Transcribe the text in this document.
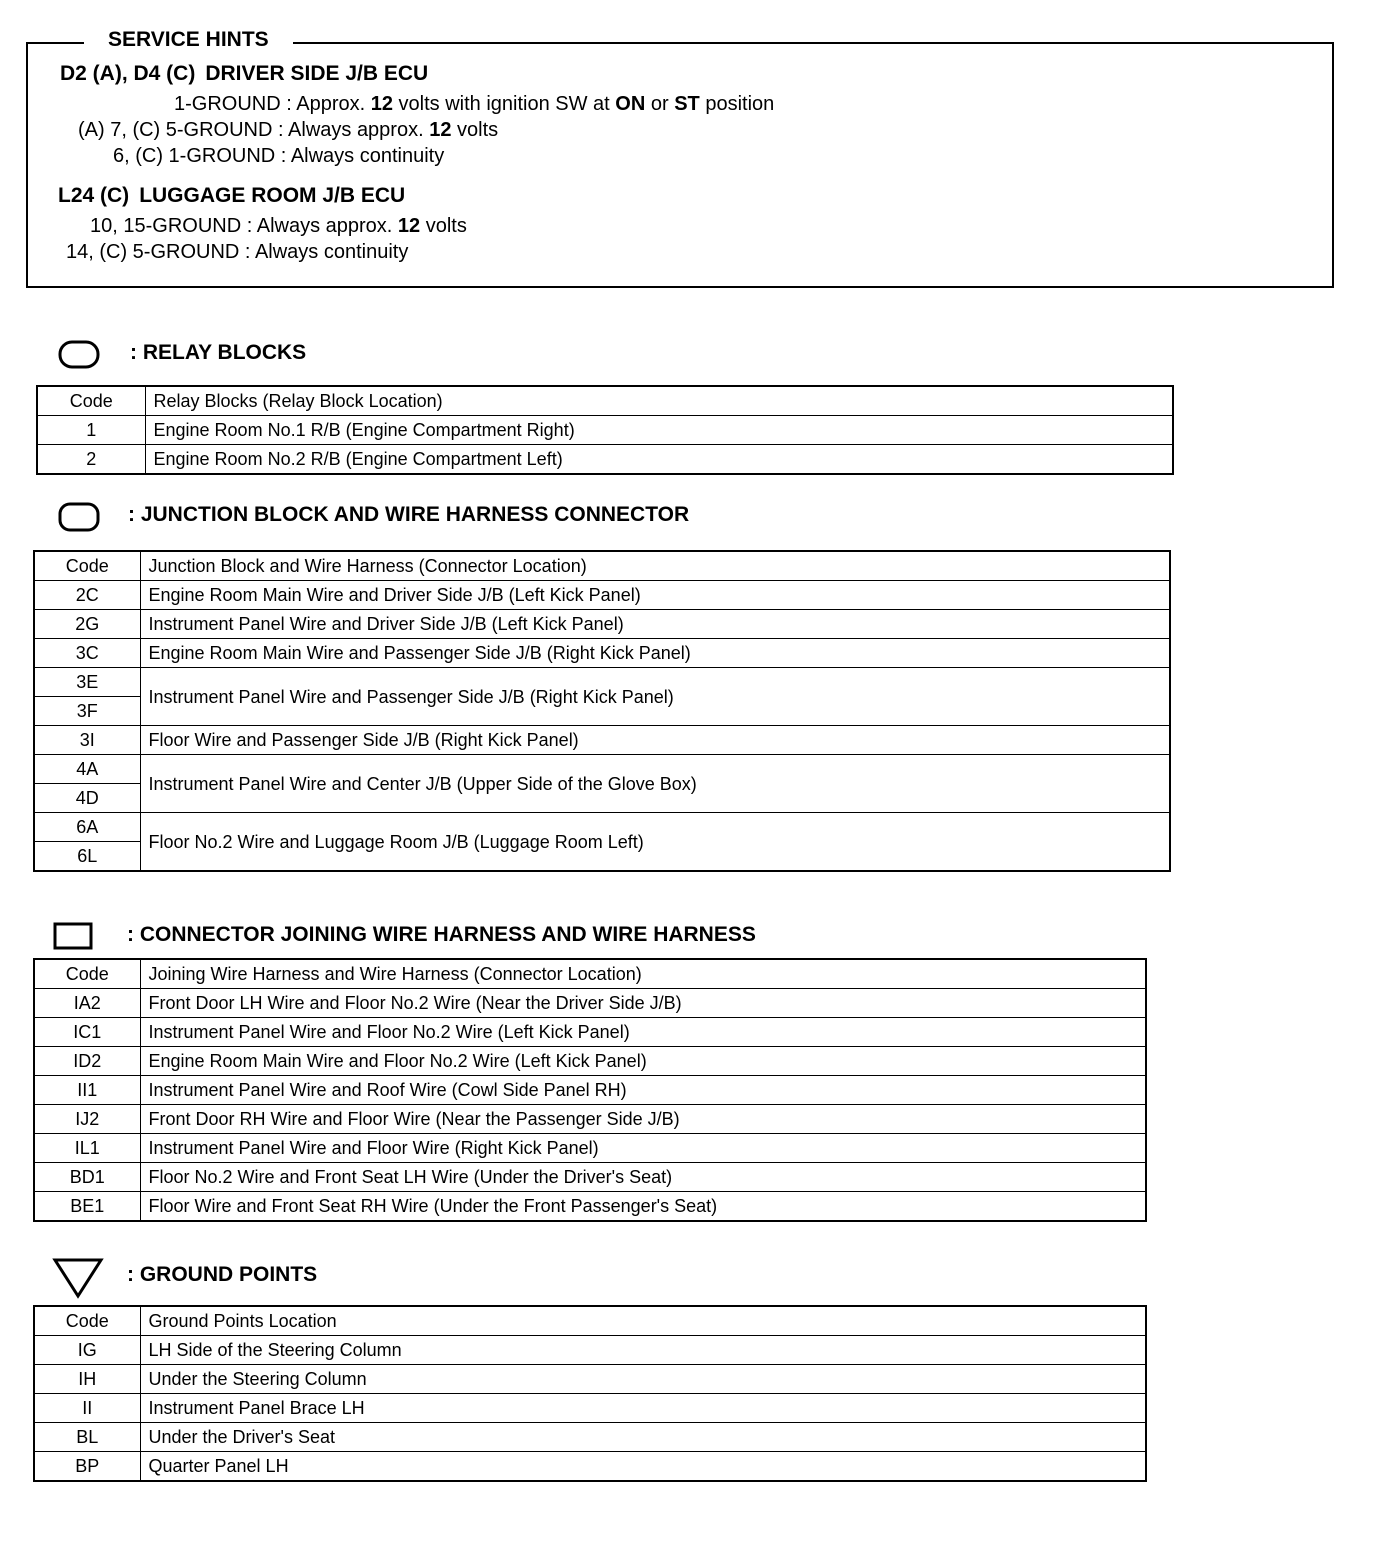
SERVICE HINTS
D2 (A), D4 (C) DRIVER SIDE J/B ECU
1-GROUND : Approx. 12 volts with ignition SW at ON or ST position
(A) 7, (C) 5-GROUND : Always approx. 12 volts
6, (C) 1-GROUND : Always continuity
L24 (C) LUGGAGE ROOM J/B ECU
10, 15-GROUND : Always approx. 12 volts
14, (C) 5-GROUND : Always continuity
: RELAY BLOCKS
Code	Relay Blocks (Relay Block Location)
1	Engine Room No.1 R/B (Engine Compartment Right)
2	Engine Room No.2 R/B (Engine Compartment Left)
: JUNCTION BLOCK AND WIRE HARNESS CONNECTOR
Code	Junction Block and Wire Harness (Connector Location)
2C	Engine Room Main Wire and Driver Side J/B (Left Kick Panel)
2G	Instrument Panel Wire and Driver Side J/B (Left Kick Panel)
3C	Engine Room Main Wire and Passenger Side J/B (Right Kick Panel)
3E	Instrument Panel Wire and Passenger Side J/B (Right Kick Panel)
3F	
3I	Floor Wire and Passenger Side J/B (Right Kick Panel)
4A	Instrument Panel Wire and Center J/B (Upper Side of the Glove Box)
4D	
6A	Floor No.2 Wire and Luggage Room J/B (Luggage Room Left)
6L	
: CONNECTOR JOINING WIRE HARNESS AND WIRE HARNESS
Code	Joining Wire Harness and Wire Harness (Connector Location)
IA2	Front Door LH Wire and Floor No.2 Wire (Near the Driver Side J/B)
IC1	Instrument Panel Wire and Floor No.2 Wire (Left Kick Panel)
ID2	Engine Room Main Wire and Floor No.2 Wire (Left Kick Panel)
II1	Instrument Panel Wire and Roof Wire (Cowl Side Panel RH)
IJ2	Front Door RH Wire and Floor Wire (Near the Passenger Side J/B)
IL1	Instrument Panel Wire and Floor Wire (Right Kick Panel)
BD1	Floor No.2 Wire and Front Seat LH Wire (Under the Driver's Seat)
BE1	Floor Wire and Front Seat RH Wire (Under the Front Passenger's Seat)
: GROUND POINTS
Code	Ground Points Location
IG	LH Side of the Steering Column
IH	Under the Steering Column
II	Instrument Panel Brace LH
BL	Under the Driver's Seat
BP	Quarter Panel LH
